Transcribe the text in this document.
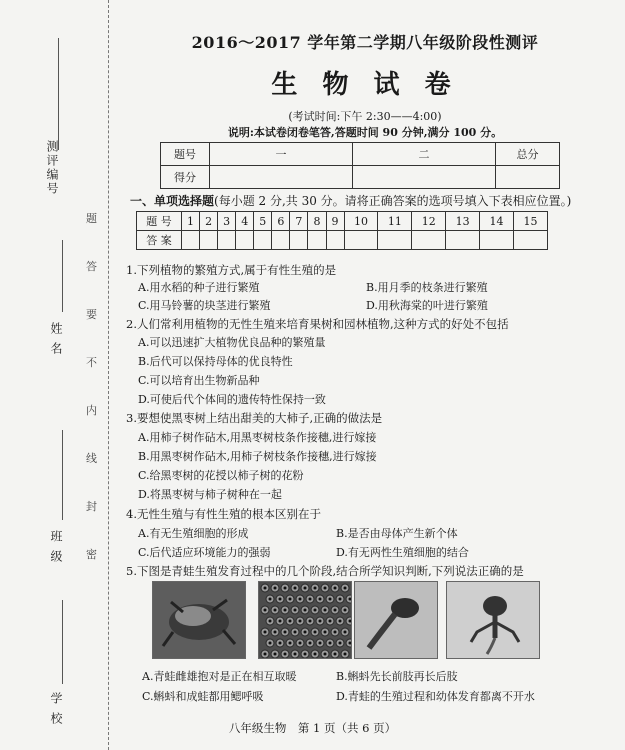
测评编号
姓 名
班 级
学 校
题
答
要
不
内
线
封
密
2016～2017 学年第二学期八年级阶段性测评
生 物 试 卷
(考试时间:下午 2:30——4:00)
说明:本试卷闭卷笔答,答题时间 90 分钟,满分 100 分。
题号	一	二	总分
得分			
一、单项选择题(每小题 2 分,共 30 分。请将正确答案的选项号填入下表相应位置。)
题 号	1	2	3	4	5	6	7	8	9	10	11	12	13	14	15
答 案															
1.下列植物的繁殖方式,属于有性生殖的是
A.用水稻的种子进行繁殖	B.用月季的枝条进行繁殖
C.用马铃薯的块茎进行繁殖	D.用秋海棠的叶进行繁殖
2.人们常利用植物的无性生殖来培育果树和园林植物,这种方式的好处不包括
A.可以迅速扩大植物优良品种的繁殖量
B.后代可以保持母体的优良特性
C.可以培育出生物新品种
D.可使后代个体间的遗传特性保持一致
3.要想使黑枣树上结出甜美的大柿子,正确的做法是
A.用柿子树作砧木,用黑枣树枝条作接穗,进行嫁接
B.用黑枣树作砧木,用柿子树枝条作接穗,进行嫁接
C.给黑枣树的花授以柿子树的花粉
D.将黑枣树与柿子树种在一起
4.无性生殖与有性生殖的根本区别在于
A.有无生殖细胞的形成	B.是否由母体产生新个体
C.后代适应环境能力的强弱	D.有无两性生殖细胞的结合
5.下图是青蛙生殖发育过程中的几个阶段,结合所学知识判断,下列说法正确的是
A.青蛙雌雄抱对是正在相互取暖	B.蝌蚪先长前肢再长后肢
C.蝌蚪和成蛙都用鳃呼吸	D.青蛙的生殖过程和幼体发育都离不开水
八年级生物　第 1 页（共 6 页）
